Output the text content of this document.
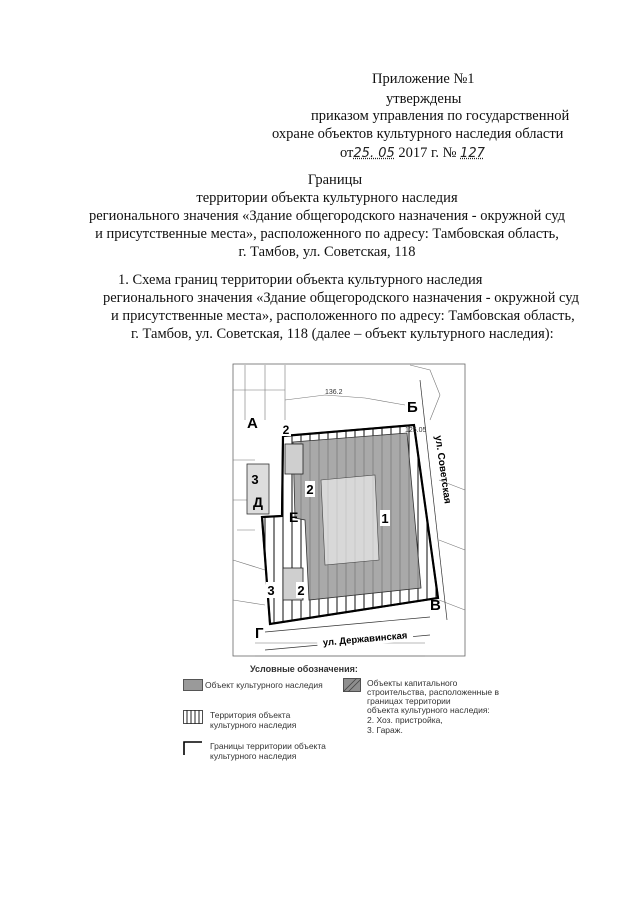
Приложение №1
утверждены
приказом управления по государственной
охране объектов культурного наследия области
от25. 05 2017 г. № 127
Границы
территории объекта культурного наследия
регионального значения «Здание общегородского назначения - окружной суд
и присутственные места», расположенного по адресу: Тамбовская область,
г. Тамбов, ул. Советская, 118
1. Схема границ территории объекта культурного наследия
регионального значения «Здание общегородского назначения - окружной суд
и присутственные места», расположенного по адресу: Тамбовская область,
г. Тамбов, ул. Советская, 118 (далее – объект культурного наследия):
ул. Державинская
ул. Советская
136.2
125.05
А
Б
В
Г
Д
Е	1
2
2
2
3
3
Условные обозначения:
Объект культурного наследия
Территория объекта
культурного наследия
Границы территории объекта
культурного наследия
Объекты капитального
строительства, расположенные в
границах территории
объекта культурного наследия:
2. Хоз. пристройка,
3. Гараж.
